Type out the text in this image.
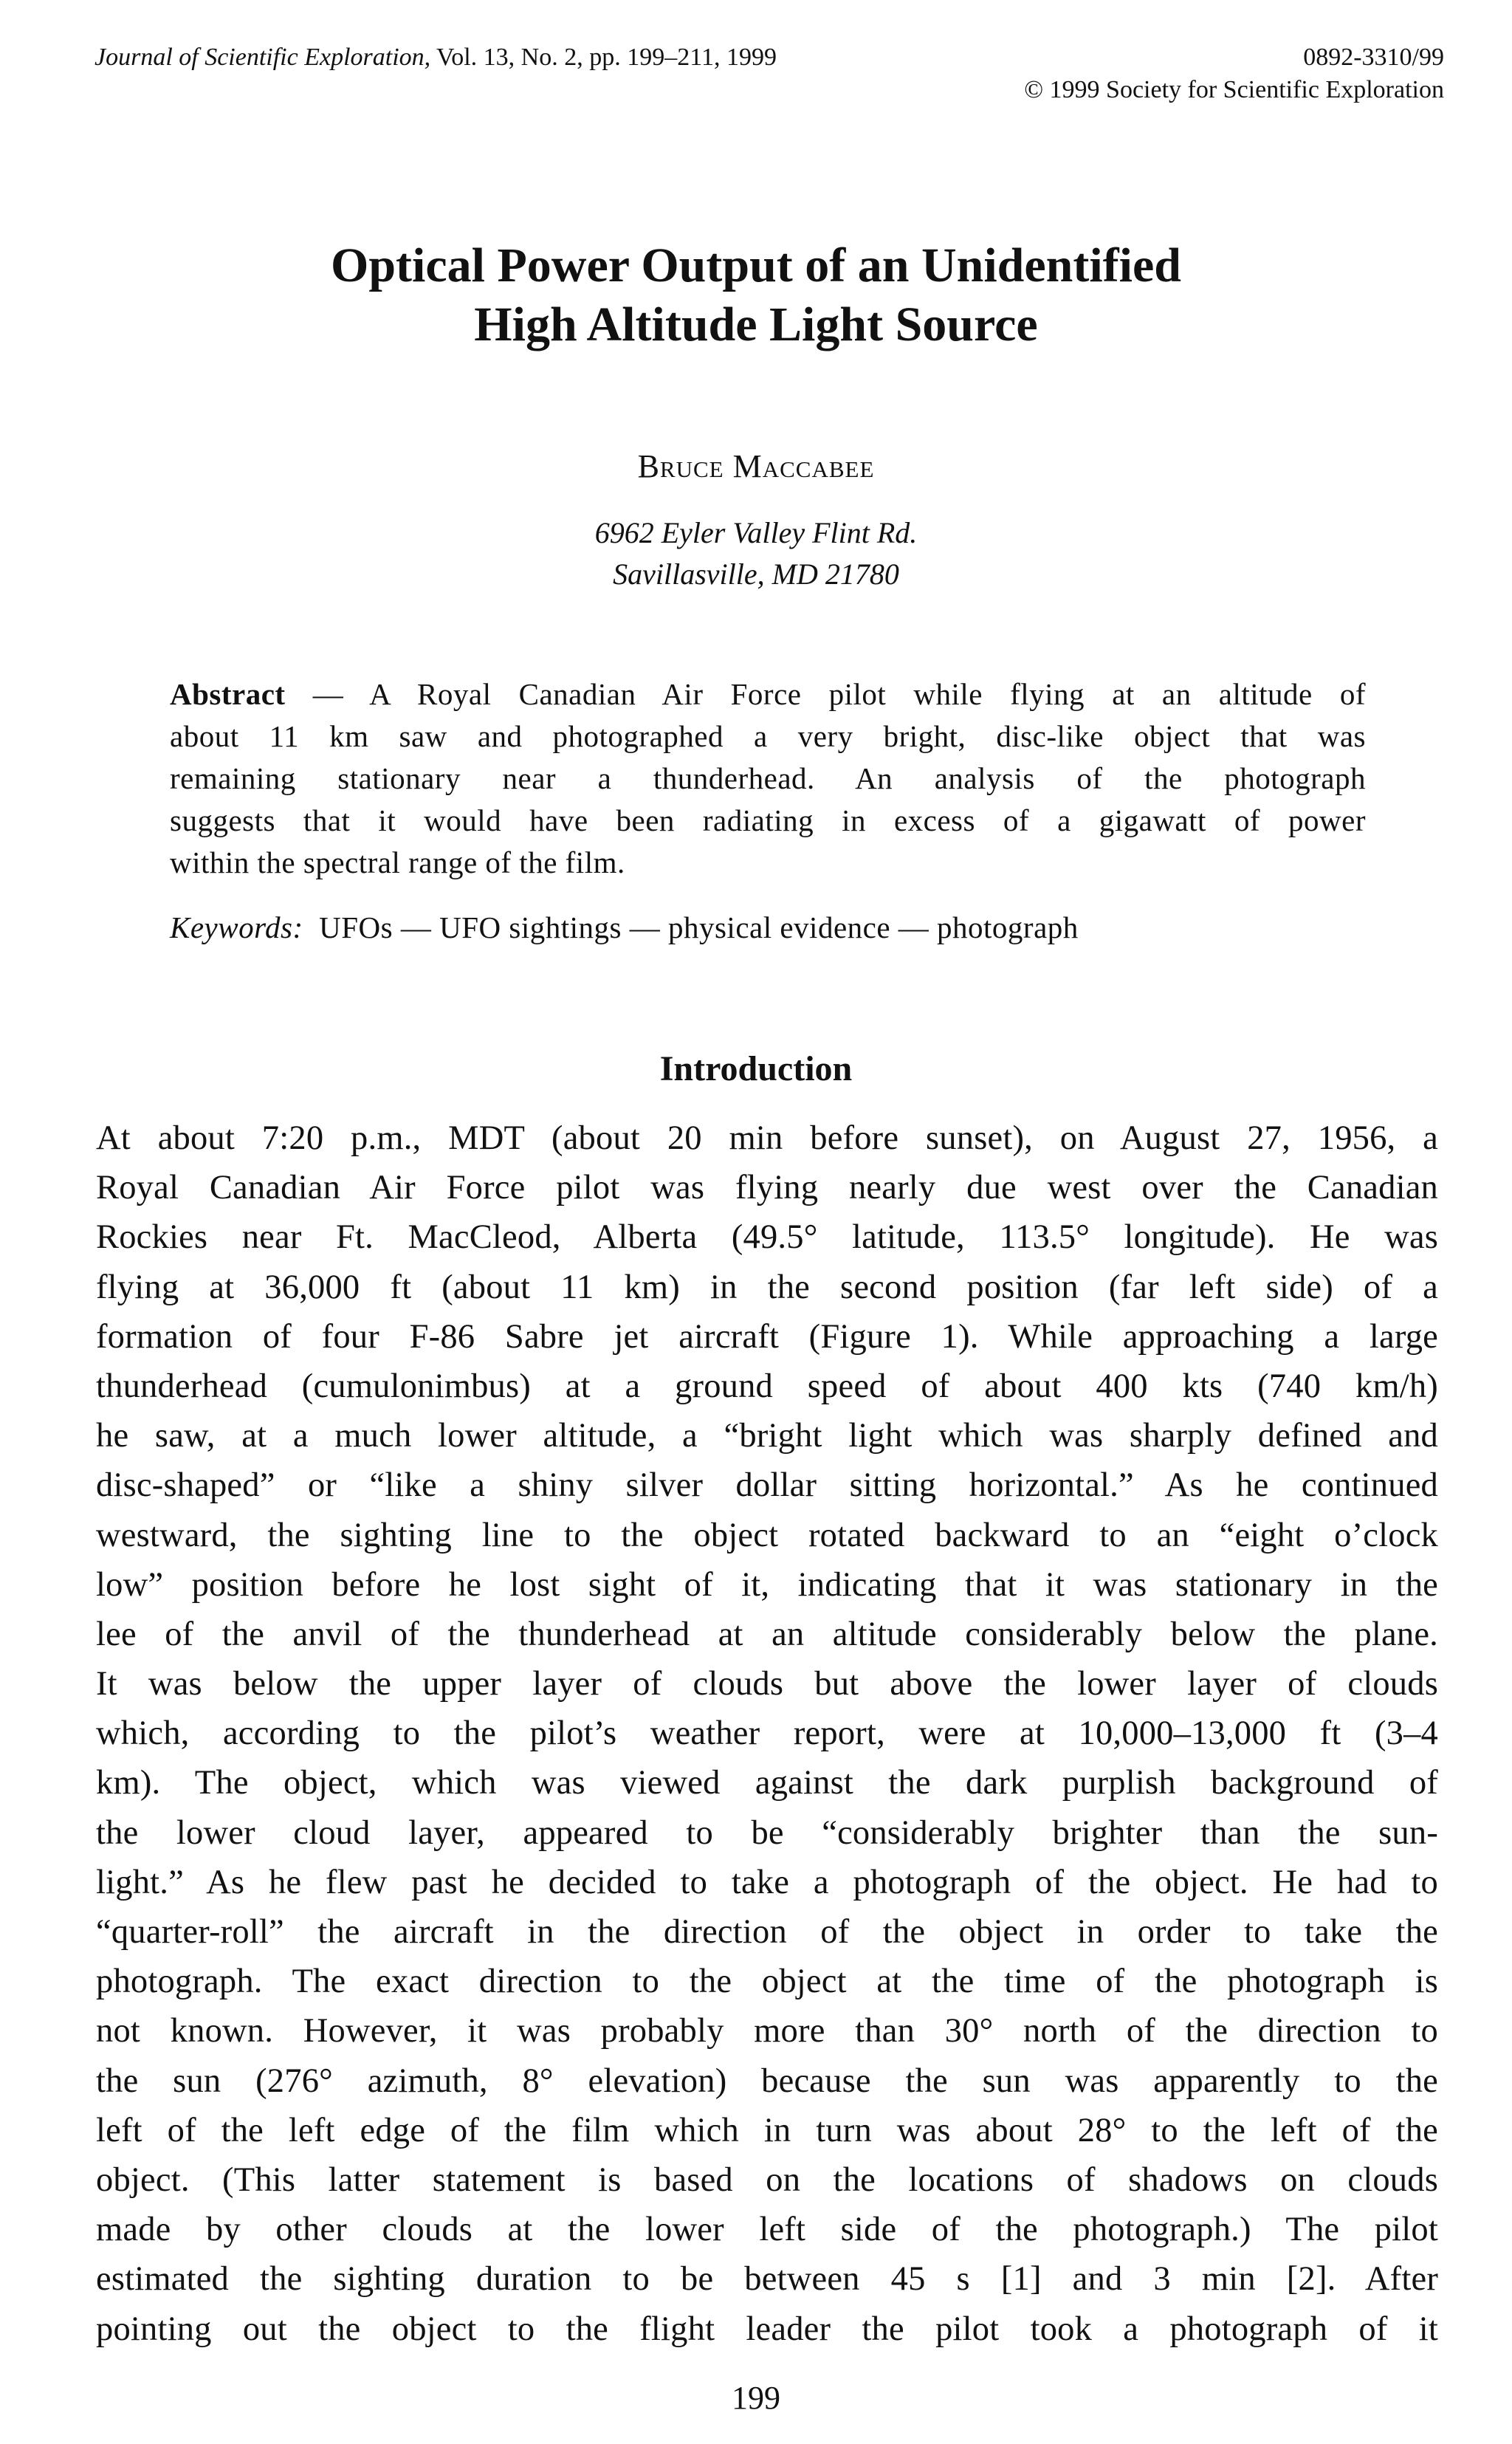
Journal of Scientific Exploration, Vol. 13, No. 2, pp. 199–211, 1999	0892-3310/99
© 1999 Society for Scientific Exploration
Optical Power Output of an Unidentified
High Altitude Light Source
Bruce Maccabee
6962 Eyler Valley Flint Rd.
Savillasville, MD 21780
Abstract — A Royal Canadian Air Force pilot while flying at an altitude of
about 11 km saw and photographed a very bright, disc-like object that was
remaining stationary near a thunderhead. An analysis of the photograph
suggests that it would have been radiating in excess of a gigawatt of power
within the spectral range of the film.
Keywords: UFOs — UFO sightings — physical evidence — photograph
Introduction
At about 7:20 p.m., MDT (about 20 min before sunset), on August 27, 1956, a
Royal Canadian Air Force pilot was flying nearly due west over the Canadian
Rockies near Ft. MacCleod, Alberta (49.5° latitude, 113.5° longitude). He was
flying at 36,000 ft (about 11 km) in the second position (far left side) of a
formation of four F-86 Sabre jet aircraft (Figure 1). While approaching a large
thunderhead (cumulonimbus) at a ground speed of about 400 kts (740 km/h)
he saw, at a much lower altitude, a “bright light which was sharply defined and
disc-shaped” or “like a shiny silver dollar sitting horizontal.” As he continued
westward, the sighting line to the object rotated backward to an “eight o’clock
low” position before he lost sight of it, indicating that it was stationary in the
lee of the anvil of the thunderhead at an altitude considerably below the plane.
It was below the upper layer of clouds but above the lower layer of clouds
which, according to the pilot’s weather report, were at 10,000–13,000 ft (3–4
km). The object, which was viewed against the dark purplish background of
the lower cloud layer, appeared to be “considerably brighter than the sun-
light.” As he flew past he decided to take a photograph of the object. He had to
“quarter-roll” the aircraft in the direction of the object in order to take the
photograph. The exact direction to the object at the time of the photograph is
not known. However, it was probably more than 30° north of the direction to
the sun (276° azimuth, 8° elevation) because the sun was apparently to the
left of the left edge of the film which in turn was about 28° to the left of the
object. (This latter statement is based on the locations of shadows on clouds
made by other clouds at the lower left side of the photograph.) The pilot
estimated the sighting duration to be between 45 s [1] and 3 min [2]. After
pointing out the object to the flight leader the pilot took a photograph of it
199
